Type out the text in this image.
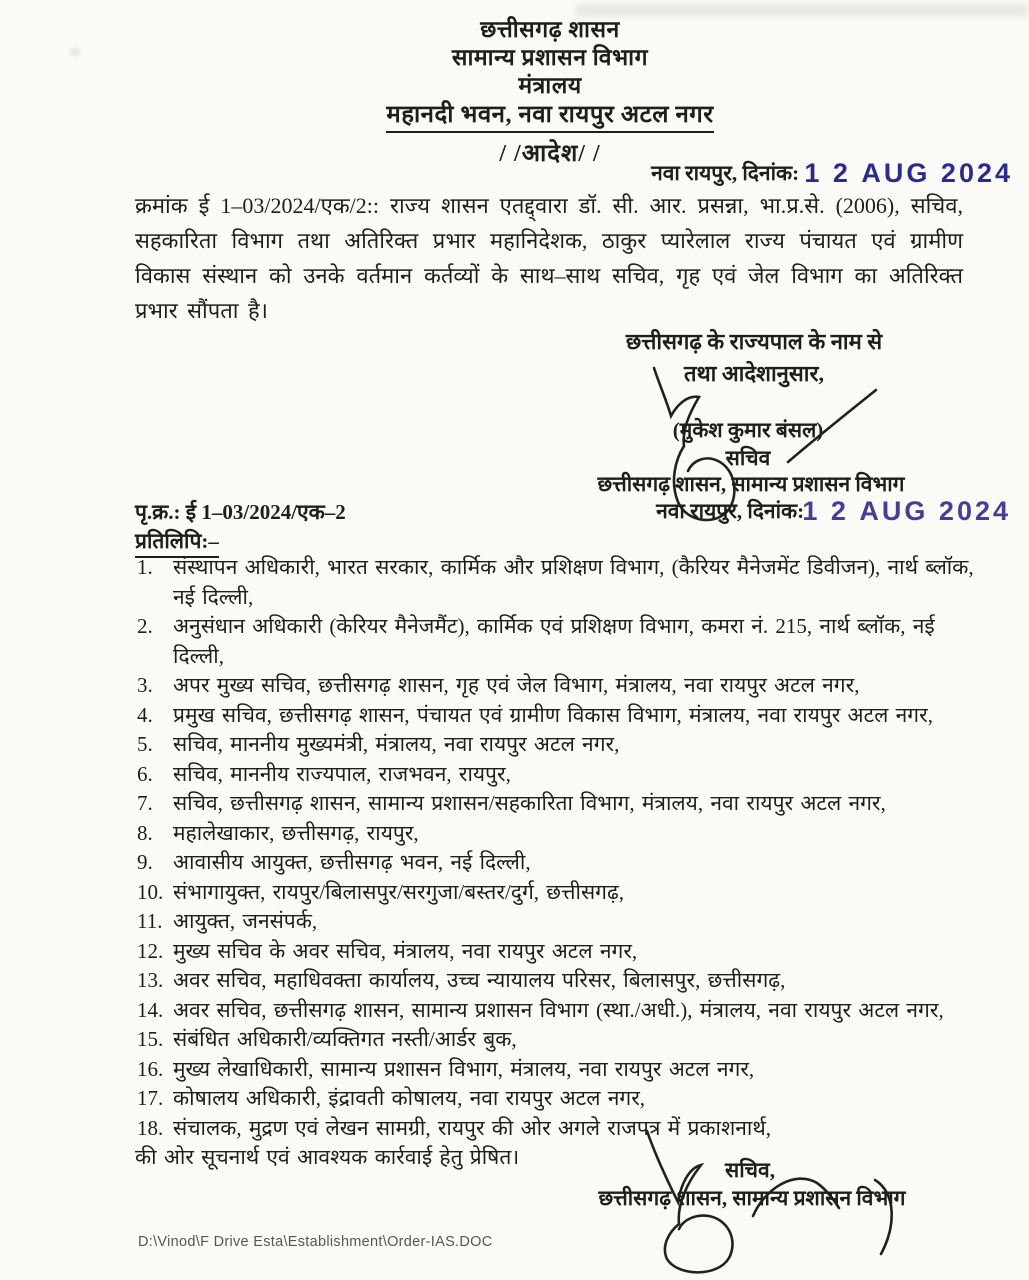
छत्तीसगढ़ शासन
सामान्य प्रशासन विभाग
मंत्रालय
महानदी भवन, नवा रायपुर अटल नगर
/ /आदेश/ /
नवा रायपुर, दिनांक: 1 2 AUG 2024
क्रमांक ई 1–03/2024/एक/2:: राज्य शासन एतद्द्वारा डॉ. सी. आर. प्रसन्ना, भा.प्र.से. (2006), सचिव, सहकारिता विभाग तथा अतिरिक्त प्रभार महानिदेशक, ठाकुर प्यारेलाल राज्य पंचायत एवं ग्रामीण विकास संस्थान को उनके वर्तमान कर्तव्यों के साथ–साथ सचिव, गृह एवं जेल विभाग का अतिरिक्त प्रभार सौंपता है।
छत्तीसगढ़ के राज्यपाल के नाम से
तथा आदेशानुसार,
(मुकेश कुमार बंसल)
सचिव
छत्तीसगढ़ शासन, सामान्य प्रशासन विभाग
पृ.क्र.: ई 1–03/2024/एक–2	नवा रायपुर, दिनांक: 1 2 AUG 2024
प्रतिलिपि:–
1. संस्थापन अधिकारी, भारत सरकार, कार्मिक और प्रशिक्षण विभाग, (कैरियर मैनेजमेंट डिवीजन), नार्थ ब्लॉक, नई दिल्ली,
2. अनुसंधान अधिकारी (केरियर मैनेजमैंट), कार्मिक एवं प्रशिक्षण विभाग, कमरा नं. 215, नार्थ ब्लॉक, नई दिल्ली,
3. अपर मुख्य सचिव, छत्तीसगढ़ शासन, गृह एवं जेल विभाग, मंत्रालय, नवा रायपुर अटल नगर,
4. प्रमुख सचिव, छत्तीसगढ़ शासन, पंचायत एवं ग्रामीण विकास विभाग, मंत्रालय, नवा रायपुर अटल नगर,
5. सचिव, माननीय मुख्यमंत्री, मंत्रालय, नवा रायपुर अटल नगर,
6. सचिव, माननीय राज्यपाल, राजभवन, रायपुर,
7. सचिव, छत्तीसगढ़ शासन, सामान्य प्रशासन/सहकारिता विभाग, मंत्रालय, नवा रायपुर अटल नगर,
8. महालेखाकार, छत्तीसगढ़, रायपुर,
9. आवासीय आयुक्त, छत्तीसगढ़ भवन, नई दिल्ली,
10. संभागायुक्त, रायपुर/बिलासपुर/सरगुजा/बस्तर/दुर्ग, छत्तीसगढ़,
11. आयुक्त, जनसंपर्क,
12. मुख्य सचिव के अवर सचिव, मंत्रालय, नवा रायपुर अटल नगर,
13. अवर सचिव, महाधिवक्ता कार्यालय, उच्च न्यायालय परिसर, बिलासपुर, छत्तीसगढ़,
14. अवर सचिव, छत्तीसगढ़ शासन, सामान्य प्रशासन विभाग (स्था./अधी.), मंत्रालय, नवा रायपुर अटल नगर,
15. संबंधित अधिकारी/व्यक्तिगत नस्ती/आर्डर बुक,
16. मुख्य लेखाधिकारी, सामान्य प्रशासन विभाग, मंत्रालय, नवा रायपुर अटल नगर,
17. कोषालय अधिकारी, इंद्रावती कोषालय, नवा रायपुर अटल नगर,
18. संचालक, मुद्रण एवं लेखन सामग्री, रायपुर की ओर अगले राजपत्र में प्रकाशनार्थ,
की ओर सूचनार्थ एवं आवश्यक कार्रवाई हेतु प्रेषित।
सचिव,
छत्तीसगढ़ शासन, सामान्य प्रशासन विभाग
D:\Vinod\F Drive Esta\Establishment\Order-IAS.DOC
